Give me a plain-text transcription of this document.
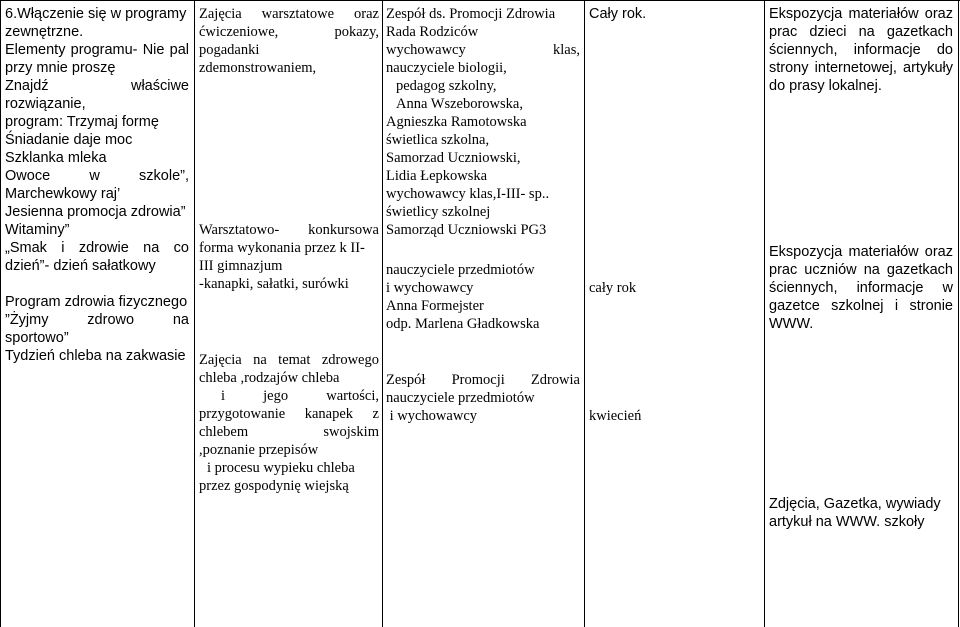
6.Włączenie się w programy
zewnętrzne.
Elementy programu- Nie pal
przy mnie proszę
Znajdź właściwe
rozwiązanie,
program: Trzymaj formę
Śniadanie daje moc
Szklanka mleka
Owoce w szkole”,
Marchewkowy raj’
Jesienna promocja zdrowia”
Witaminy”
„Smak i zdrowie na co
dzień”- dzień sałatkowy
Program zdrowia fizycznego
”Żyjmy zdrowo na
sportowo”
Tydzień chleba na zakwasie
Zajęcia warsztatowe oraz
ćwiczeniowe, pokazy,
pogadanki
zdemonstrowaniem,
Warsztatowo- konkursowa
forma wykonania przez k II-
III gimnazjum
-kanapki, sałatki, surówki
Zajęcia na temat zdrowego
chleba ,rodzajów chleba
i jego wartości,
przygotowanie kanapek z
chlebem swojskim
,poznanie przepisów
i procesu wypieku chleba
przez gospodynię wiejską
Zespół ds. Promocji Zdrowia
Rada Rodziców
wychowawcy klas,
nauczyciele biologii,
pedagog szkolny,
Anna Wszeborowska,
Agnieszka Ramotowska
świetlica szkolna,
Samorzad Uczniowski,
Lidia Łepkowska
wychowawcy klas,I-III- sp..
świetlicy szkolnej
Samorząd Uczniowski PG3
nauczyciele przedmiotów
i wychowawcy
Anna Formejster
odp. Marlena Gładkowska
Zespół Promocji Zdrowia
nauczyciele przedmiotów
i wychowawcy
Cały rok.
cały rok
kwiecień
Ekspozycja materiałów oraz
prac dzieci na gazetkach
ściennych, informacje do
strony internetowej, artykuły
do prasy lokalnej.
Ekspozycja materiałów oraz
prac uczniów na gazetkach
ściennych, informacje w
gazetce szkolnej i stronie
WWW.
Zdjęcia, Gazetka, wywiady
artykuł na WWW. szkoły
